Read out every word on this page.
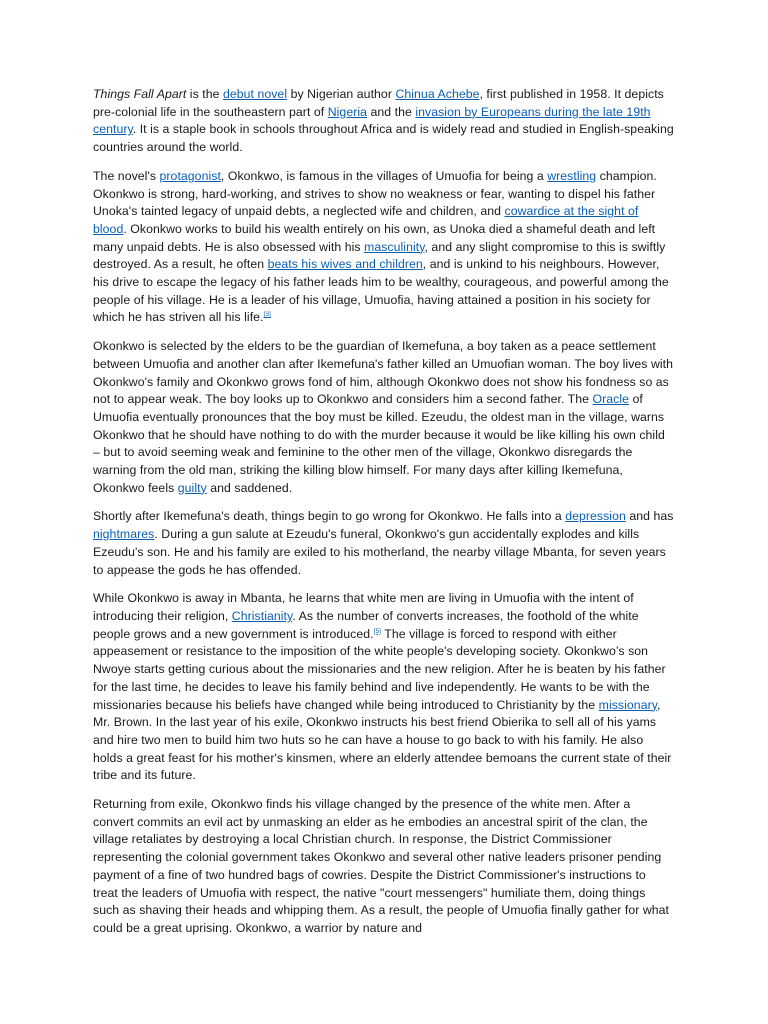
Things Fall Apart is the debut novel by Nigerian author Chinua Achebe, first published in 1958. It depicts pre-colonial life in the southeastern part of Nigeria and the invasion by Europeans during the late 19th century. It is a staple book in schools throughout Africa and is widely read and studied in English-speaking countries around the world.

The novel's protagonist, Okonkwo, is famous in the villages of Umuofia for being a wrestling champion. Okonkwo is strong, hard-working, and strives to show no weakness or fear, wanting to dispel his father Unoka's tainted legacy of unpaid debts, a neglected wife and children, and cowardice at the sight of blood. Okonkwo works to build his wealth entirely on his own, as Unoka died a shameful death and left many unpaid debts. He is also obsessed with his masculinity, and any slight compromise to this is swiftly destroyed. As a result, he often beats his wives and children, and is unkind to his neighbours. However, his drive to escape the legacy of his father leads him to be wealthy, courageous, and powerful among the people of his village. He is a leader of his village, Umuofia, having attained a position in his society for which he has striven all his life.[3]

Okonkwo is selected by the elders to be the guardian of Ikemefuna, a boy taken as a peace settlement between Umuofia and another clan after Ikemefuna's father killed an Umuofian woman. The boy lives with Okonkwo's family and Okonkwo grows fond of him, although Okonkwo does not show his fondness so as not to appear weak. The boy looks up to Okonkwo and considers him a second father. The Oracle of Umuofia eventually pronounces that the boy must be killed. Ezeudu, the oldest man in the village, warns Okonkwo that he should have nothing to do with the murder because it would be like killing his own child – but to avoid seeming weak and feminine to the other men of the village, Okonkwo disregards the warning from the old man, striking the killing blow himself. For many days after killing Ikemefuna, Okonkwo feels guilty and saddened.

Shortly after Ikemefuna's death, things begin to go wrong for Okonkwo. He falls into a depression and has nightmares. During a gun salute at Ezeudu's funeral, Okonkwo's gun accidentally explodes and kills Ezeudu's son. He and his family are exiled to his motherland, the nearby village Mbanta, for seven years to appease the gods he has offended.

While Okonkwo is away in Mbanta, he learns that white men are living in Umuofia with the intent of introducing their religion, Christianity. As the number of converts increases, the foothold of the white people grows and a new government is introduced.[5] The village is forced to respond with either appeasement or resistance to the imposition of the white people's developing society. Okonkwo’s son Nwoye starts getting curious about the missionaries and the new religion. After he is beaten by his father for the last time, he decides to leave his family behind and live independently. He wants to be with the missionaries because his beliefs have changed while being introduced to Christianity by the missionary, Mr. Brown. In the last year of his exile, Okonkwo instructs his best friend Obierika to sell all of his yams and hire two men to build him two huts so he can have a house to go back to with his family. He also holds a great feast for his mother's kinsmen, where an elderly attendee bemoans the current state of their tribe and its future.

Returning from exile, Okonkwo finds his village changed by the presence of the white men. After a convert commits an evil act by unmasking an elder as he embodies an ancestral spirit of the clan, the village retaliates by destroying a local Christian church. In response, the District Commissioner representing the colonial government takes Okonkwo and several other native leaders prisoner pending payment of a fine of two hundred bags of cowries. Despite the District Commissioner's instructions to treat the leaders of Umuofia with respect, the native "court messengers" humiliate them, doing things such as shaving their heads and whipping them. As a result, the people of Umuofia finally gather for what could be a great uprising. Okonkwo, a warrior by nature and
